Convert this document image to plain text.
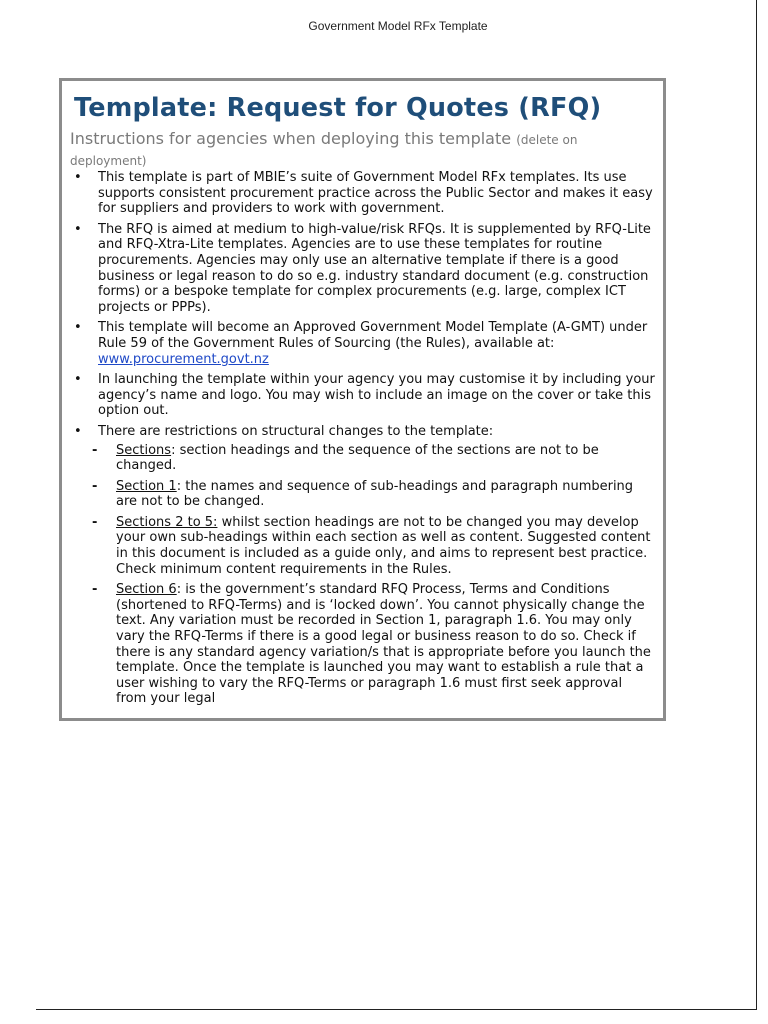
Government Model RFx Template
Template: Request for Quotes (RFQ)
Instructions for agencies when deploying this template (delete on deployment)
• This template is part of MBIE’s suite of Government Model RFx templates. Its use supports consistent procurement practice across the Public Sector and makes it easy for suppliers and providers to work with government.
• The RFQ is aimed at medium to high-value/risk RFQs. It is supplemented by RFQ-Lite and RFQ-Xtra-Lite templates. Agencies are to use these templates for routine procurements. Agencies may only use an alternative template if there is a good business or legal reason to do so e.g. industry standard document (e.g. construction forms) or a bespoke template for complex procurements (e.g. large, complex ICT projects or PPPs).
• This template will become an Approved Government Model Template (A-GMT) under Rule 59 of the Government Rules of Sourcing (the Rules), available at: www.procurement.govt.nz
• In launching the template within your agency you may customise it by including your agency’s name and logo. You may wish to include an image on the cover or take this option out.
• There are restrictions on structural changes to the template:
- Sections: section headings and the sequence of the sections are not to be changed.
- Section 1: the names and sequence of sub-headings and paragraph numbering are not to be changed.
- Sections 2 to 5: whilst section headings are not to be changed you may develop your own sub-headings within each section as well as content. Suggested content in this document is included as a guide only, and aims to represent best practice. Check minimum content requirements in the Rules.
- Section 6: is the government’s standard RFQ Process, Terms and Conditions (shortened to RFQ-Terms) and is ‘locked down’. You cannot physically change the text. Any variation must be recorded in Section 1, paragraph 1.6. You may only vary the RFQ-Terms if there is a good legal or business reason to do so. Check if there is any standard agency variation/s that is appropriate before you launch the template. Once the template is launched you may want to establish a rule that a user wishing to vary the RFQ-Terms or paragraph 1.6 must first seek approval from your legal
